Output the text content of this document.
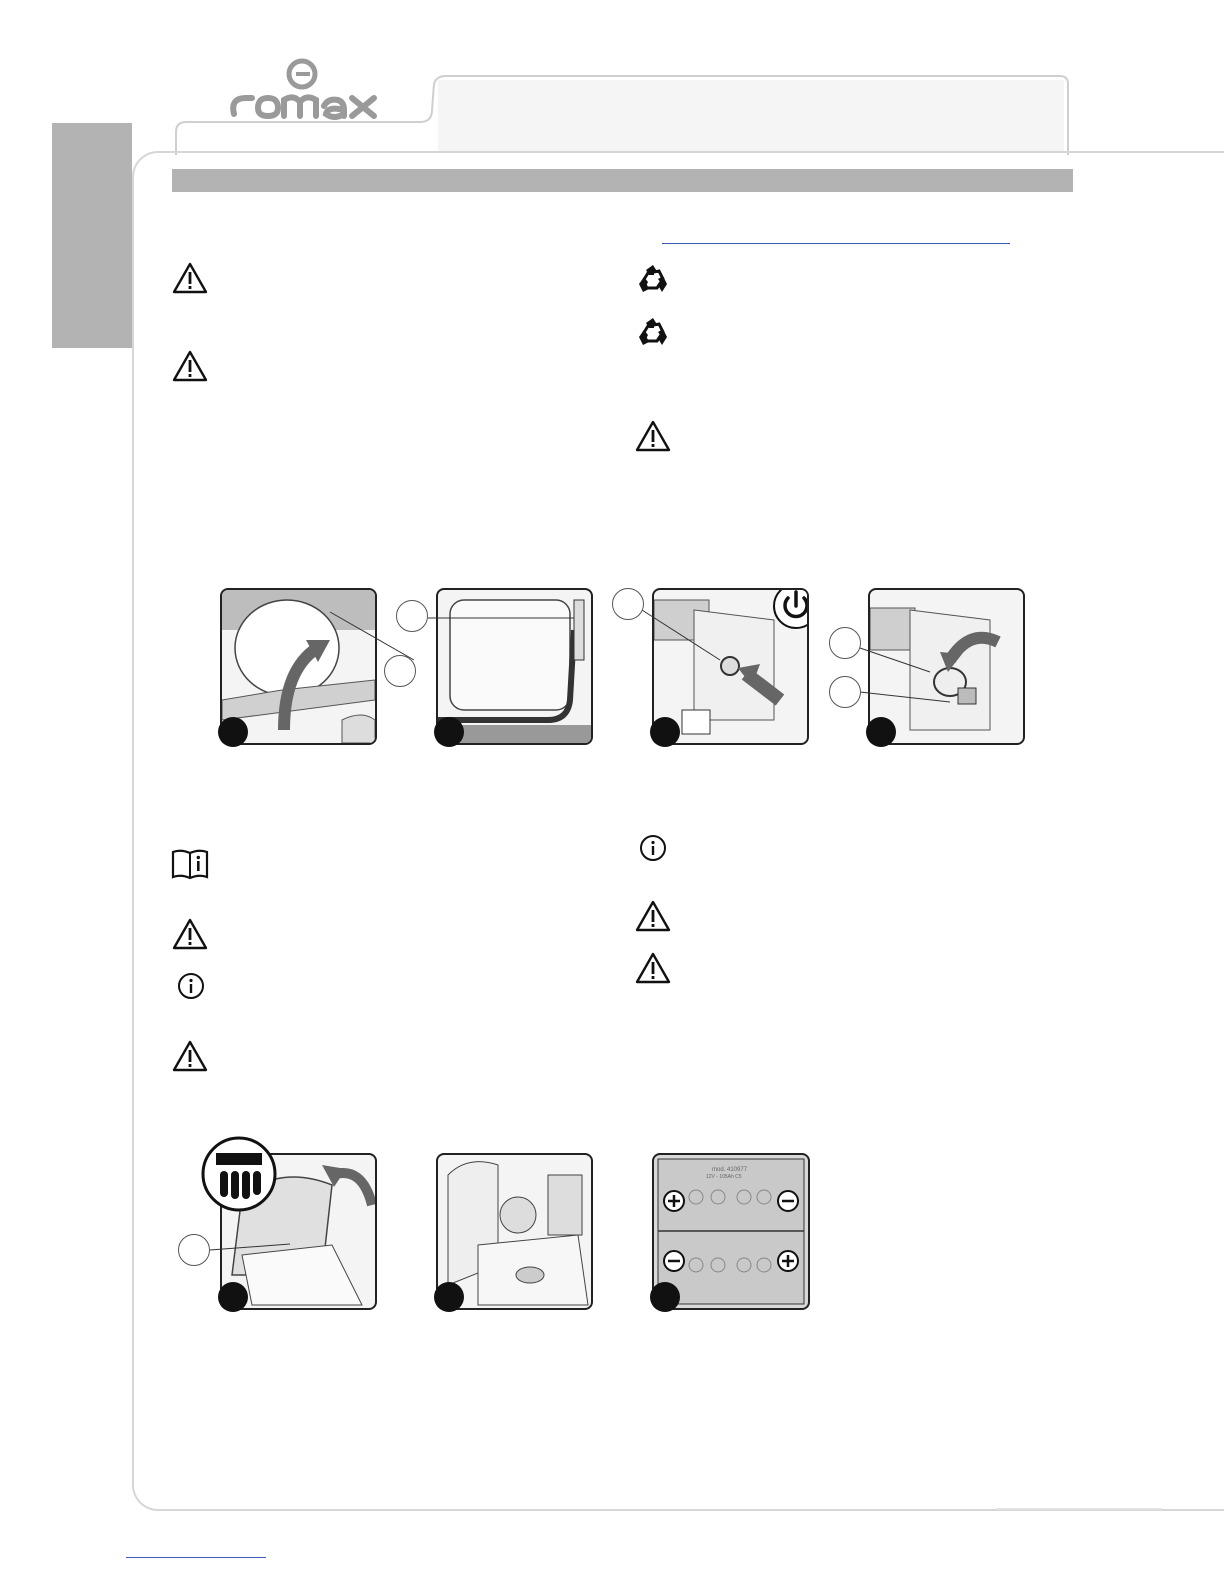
mod. 410977
12V - 105Ah C5
